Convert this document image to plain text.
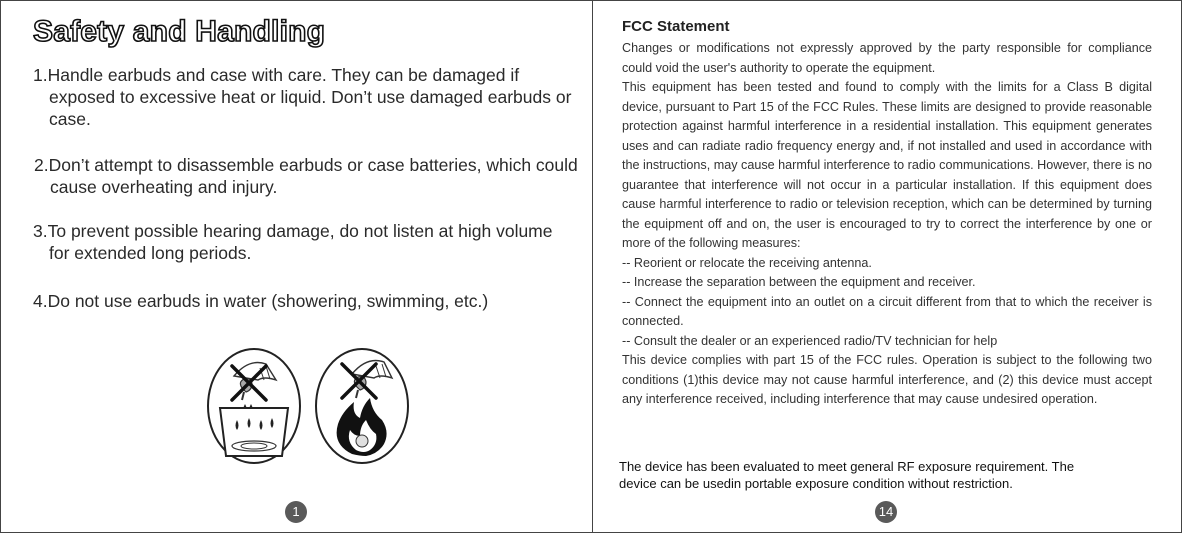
Safety and Handling
1.Handle earbuds and case with care. They can be damaged if exposed to excessive heat or liquid. Don’t use damaged earbuds or case.
2.Don’t attempt to disassemble earbuds or case batteries, which could cause overheating and injury.
3.To prevent possible hearing damage, do not listen at high volume for extended long periods.
4.Do not use earbuds in water (showering, swimming, etc.)
1
FCC Statement

Changes or modifications not expressly approved by the party responsible for compliance could void the user's authority to operate the equipment.

This equipment has been tested and found to comply with the limits for a Class B digital device, pursuant to Part 15 of the FCC Rules. These limits are designed to provide reasonable protection against harmful interference in a residential installation. This equipment generates uses and can radiate radio frequency energy and, if not installed and used in accordance with the instructions, may cause harmful interference to radio communications. However, there is no guarantee that interference will not occur in a particular installation. If this equipment does cause harmful interference to radio or television reception, which can be determined by turning the equipment off and on, the user is encouraged to try to correct the interference by one or more of the following measures:

-- Reorient or relocate the receiving antenna.

-- Increase the separation between the equipment and receiver.

-- Connect the equipment into an outlet on a circuit different from that to which the receiver is connected.

-- Consult the dealer or an experienced radio/TV technician for help

This device complies with part 15 of the FCC rules. Operation is subject to the following two conditions (1)this device may not cause harmful interference, and (2) this device must accept any interference received, including interference that may cause undesired operation.

The device has been evaluated to meet general RF exposure requirement. The
device can be usedin portable exposure condition without restriction.
14
